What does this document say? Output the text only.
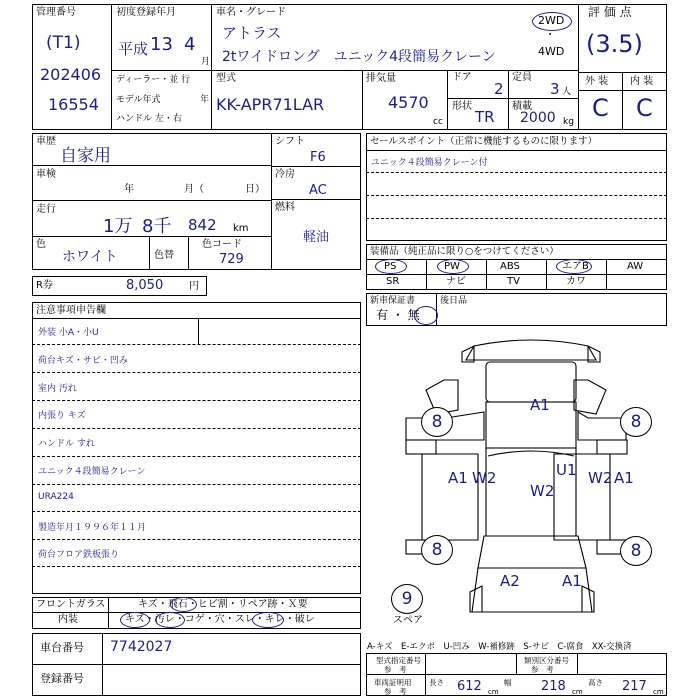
管理番号
(T1)
202406
16554
初度登録年月
平成 13 4
月
ディーラー・並 行
モデル年式	年
ハンドル 左・右
車名・グレード
アトラス
2tワイドロング　ユニック4段簡易クレーン
2WD
・
4WD
型式
KK-APR71LAR
排気量
4570
cc
ドア
2
定員
3 人
形状
TR
積載
2000 kg
評 価 点
(3.5)
外 装 内 装
C C
車歴
自家用
車検
年	月（	日）
走行
1万 8千 842 km
色
ホワイト	色替
色コード
729
シフト
F6
冷房
AC
燃料
軽油
R券	8,050	円
セールスポイント（正常に機能するものに限ります）
ユニック４段簡易クレーン付
装備品（純正品に限り○をつけてください）
PS	PW	ABS	エアB	AW
SR	ナビ	TV	カワ
新車保証書
有 ・ 無
後日品
注意事項申告欄
外装 小A・小U
荷台キズ・サビ・凹み
室内 汚れ
内張り キズ
ハンドル すれ
ユニック４段簡易クレーン
URA224
製造年月１９９６年１１月
荷台フロア鉄板張り
フロントガラス	キズ・飛石・ヒビ割・リペア跡・Ｘ要
内装	キズ・汚レ・コゲ・穴・スレ・キレ・破レ
車台番号 7742027
登録番号
A-キズ　E-エクボ　U-凹み　W-補修跡　S-サビ　C-腐食　XX-交換済
型式指定番号
参　考
類別区分番号
参　考
車両証明用
参　考
長さ 612 cm
幅 218 cm
高さ 217 cm
A1
A1 W2	U1
W2
W2 A1
A2	A1
8	8
8	8
9
スペア
